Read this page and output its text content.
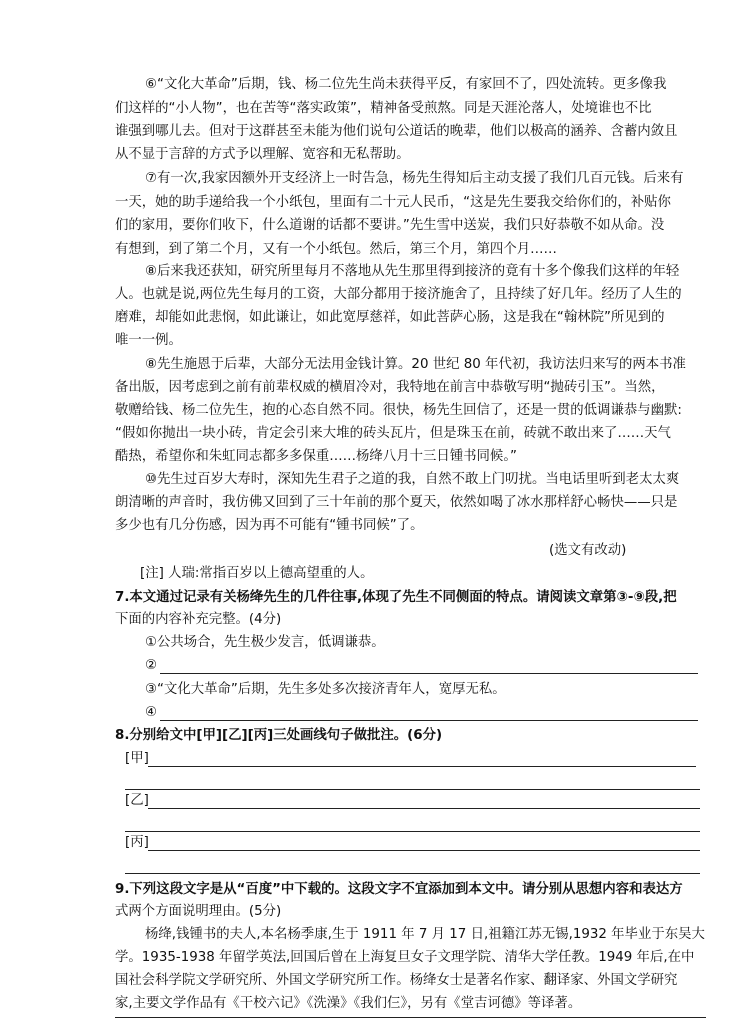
⑥“文化大革命”后期，钱、杨二位先生尚未获得平反，有家回不了，四处流转。更多像我
们这样的“小人物”，也在苦等“落实政策”，精神备受煎熬。同是天涯沦落人，处境谁也不比
谁强到哪儿去。但对于这群甚至未能为他们说句公道话的晚辈，他们以极高的涵养、含蓄内敛且
从不显于言辞的方式予以理解、宽容和无私帮助。
⑦有一次,我家因额外开支经济上一时告急，杨先生得知后主动支援了我们几百元钱。后来有
一天，她的助手递给我一个小纸包，里面有二十元人民币，“这是先生要我交给你们的，补贴你
们的家用，要你们收下，什么道谢的话都不要讲。”先生雪中送炭，我们只好恭敬不如从命。没
有想到，到了第二个月，又有一个小纸包。然后，第三个月，第四个月……
⑧后来我还获知，研究所里每月不落地从先生那里得到接济的竟有十多个像我们这样的年轻
人。也就是说,两位先生每月的工资，大部分都用于接济施舍了，且持续了好几年。经历了人生的
磨难，却能如此悲悯，如此谦让，如此宽厚慈祥，如此菩萨心肠，这是我在“翰林院”所见到的
唯一一例。
⑧先生施恩于后辈，大部分无法用金钱计算。20 世纪 80 年代初，我访法归来写的两本书准
备出版，因考虑到之前有前辈权威的横眉冷对，我特地在前言中恭敬写明“抛砖引玉”。当然，
敬赠给钱、杨二位先生，抱的心态自然不同。很快，杨先生回信了，还是一贯的低调谦恭与幽默:
“假如你抛出一块小砖，肯定会引来大堆的砖头瓦片，但是珠玉在前，砖就不敢出来了……天气
酷热，希望你和朱虹同志都多多保重……杨绛八月十三日锺书同候。”
⑩先生过百岁大寿时，深知先生君子之道的我，自然不敢上门叨扰。当电话里听到老太太爽
朗清晰的声音时，我仿佛又回到了三十年前的那个夏天，依然如喝了冰水那样舒心畅快——只是
多少也有几分伤感，因为再不可能有“锺书同候”了。
(选文有改动)
[注] 人瑞:常指百岁以上德高望重的人。
7.本文通过记录有关杨绛先生的几件往事,体现了先生不同侧面的特点。请阅读文章第③-⑨段,把
下面的内容补充完整。(4分)
①公共场合，先生极少发言，低调谦恭。
②
③“文化大革命”后期，先生多处多次接济青年人，宽厚无私。
④
8.分别给文中[甲][乙][丙]三处画线句子做批注。(6分)
[甲]
[乙]
[丙]
9.下列这段文字是从“百度”中下载的。这段文字不宜添加到本文中。请分别从思想内容和表达方
式两个方面说明理由。(5分)
杨绛,钱锺书的夫人,本名杨季康,生于 1911 年 7 月 17 日,祖籍江苏无锡,1932 年毕业于东吴大
学。1935-1938 年留学英法,回国后曾在上海复旦女子文理学院、清华大学任教。1949 年后,在中
国社会科学院文学研究所、外国文学研究所工作。杨绛女士是著名作家、翻译家、外国文学研究
家,主要文学作品有《干校六记》《洗澡》《我们仨》，另有《堂吉诃德》等译著。
